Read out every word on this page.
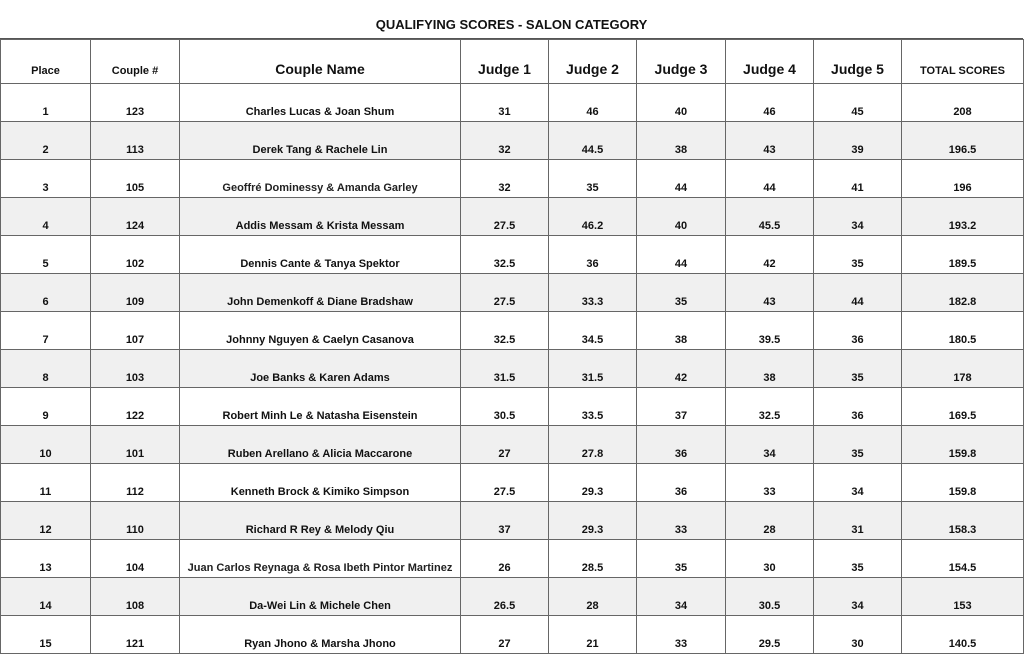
QUALIFYING SCORES - SALON CATEGORY
Place	Couple #	Couple Name	Judge 1	Judge 2	Judge 3	Judge 4	Judge 5	TOTAL SCORES
1	123	Charles Lucas & Joan Shum	31	46	40	46	45	208
2	113	Derek Tang & Rachele Lin	32	44.5	38	43	39	196.5
3	105	Geoffré Dominessy & Amanda Garley	32	35	44	44	41	196
4	124	Addis Messam & Krista Messam	27.5	46.2	40	45.5	34	193.2
5	102	Dennis Cante & Tanya Spektor	32.5	36	44	42	35	189.5
6	109	John Demenkoff & Diane Bradshaw	27.5	33.3	35	43	44	182.8
7	107	Johnny Nguyen & Caelyn Casanova	32.5	34.5	38	39.5	36	180.5
8	103	Joe Banks & Karen Adams	31.5	31.5	42	38	35	178
9	122	Robert Minh Le & Natasha Eisenstein	30.5	33.5	37	32.5	36	169.5
10	101	Ruben Arellano & Alicia Maccarone	27	27.8	36	34	35	159.8
11	112	Kenneth Brock & Kimiko Simpson	27.5	29.3	36	33	34	159.8
12	110	Richard R Rey & Melody Qiu	37	29.3	33	28	31	158.3
13	104	Juan Carlos Reynaga & Rosa Ibeth Pintor Martinez	26	28.5	35	30	35	154.5
14	108	Da-Wei Lin & Michele Chen	26.5	28	34	30.5	34	153
15	121	Ryan Jhono & Marsha Jhono	27	21	33	29.5	30	140.5
